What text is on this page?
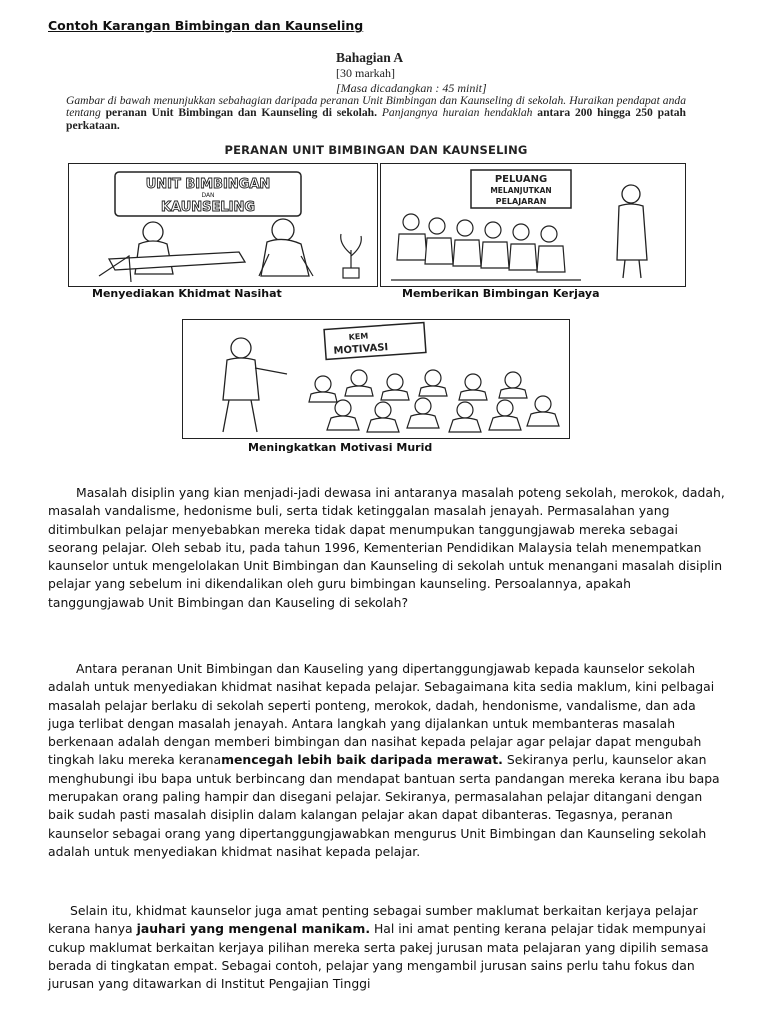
Contoh Karangan Bimbingan dan Kaunseling
Bahagian A
[30 markah]
[Masa dicadangkan : 45 minit]
Gambar di bawah menunjukkan sebahagian daripada peranan Unit Bimbingan dan Kaunseling di sekolah. Huraikan pendapat anda tentang peranan Unit Bimbingan dan Kaunseling di sekolah. Panjangnya huraian hendaklah antara 200 hingga 250 patah perkataan.
PERANAN UNIT BIMBINGAN DAN KAUNSELING
UNIT BIMBINGAN
DAN
KAUNSELING
Menyediakan Khidmat Nasihat
PELUANG
MELANJUTKAN
PELAJARAN
Memberikan Bimbingan Kerjaya
KEM
MOTIVASI
Meningkatkan Motivasi Murid

Masalah disiplin yang kian menjadi-jadi dewasa ini antaranya masalah poteng sekolah, merokok, dadah, masalah vandalisme, hedonisme buli, serta tidak ketinggalan masalah jenayah. Permasalahan yang ditimbulkan pelajar menyebabkan mereka tidak dapat menumpukan tanggungjawab mereka sebagai seorang pelajar. Oleh sebab itu, pada tahun 1996, Kementerian Pendidikan Malaysia telah menempatkan kaunselor untuk mengelolakan Unit Bimbingan dan Kaunseling di sekolah untuk menangani masalah disiplin pelajar yang sebelum ini dikendalikan oleh guru bimbingan kaunseling. Persoalannya, apakah tanggungjawab Unit Bimbingan dan Kauseling di sekolah?

Antara peranan Unit Bimbingan dan Kauseling yang dipertanggungjawab kepada kaunselor sekolah adalah untuk menyediakan khidmat nasihat kepada pelajar. Sebagaimana kita sedia maklum, kini pelbagai masalah pelajar berlaku di sekolah seperti ponteng, merokok, dadah, hendonisme, vandalisme, dan ada juga terlibat dengan masalah jenayah. Antara langkah yang dijalankan untuk membanteras masalah berkenaan adalah dengan memberi bimbingan dan nasihat kepada pelajar agar pelajar dapat mengubah tingkah laku mereka keranamencegah lebih baik daripada merawat. Sekiranya perlu, kaunselor akan menghubungi ibu bapa untuk berbincang dan mendapat bantuan serta pandangan mereka kerana ibu bapa merupakan orang paling hampir dan disegani pelajar. Sekiranya, permasalahan pelajar ditangani dengan baik sudah pasti masalah disiplin dalam kalangan pelajar akan dapat dibanteras. Tegasnya, peranan kaunselor sebagai orang yang dipertanggungjawabkan mengurus Unit Bimbingan dan Kaunseling sekolah adalah untuk menyediakan khidmat nasihat kepada pelajar.

Selain itu, khidmat kaunselor juga amat penting sebagai sumber maklumat berkaitan kerjaya pelajar kerana hanya jauhari yang mengenal manikam. Hal ini amat penting kerana pelajar tidak mempunyai cukup maklumat berkaitan kerjaya pilihan mereka serta pakej jurusan mata pelajaran yang dipilih semasa berada di tingkatan empat. Sebagai contoh, pelajar yang mengambil jurusan sains perlu tahu fokus dan jurusan yang ditawarkan di Institut Pengajian Tinggi
